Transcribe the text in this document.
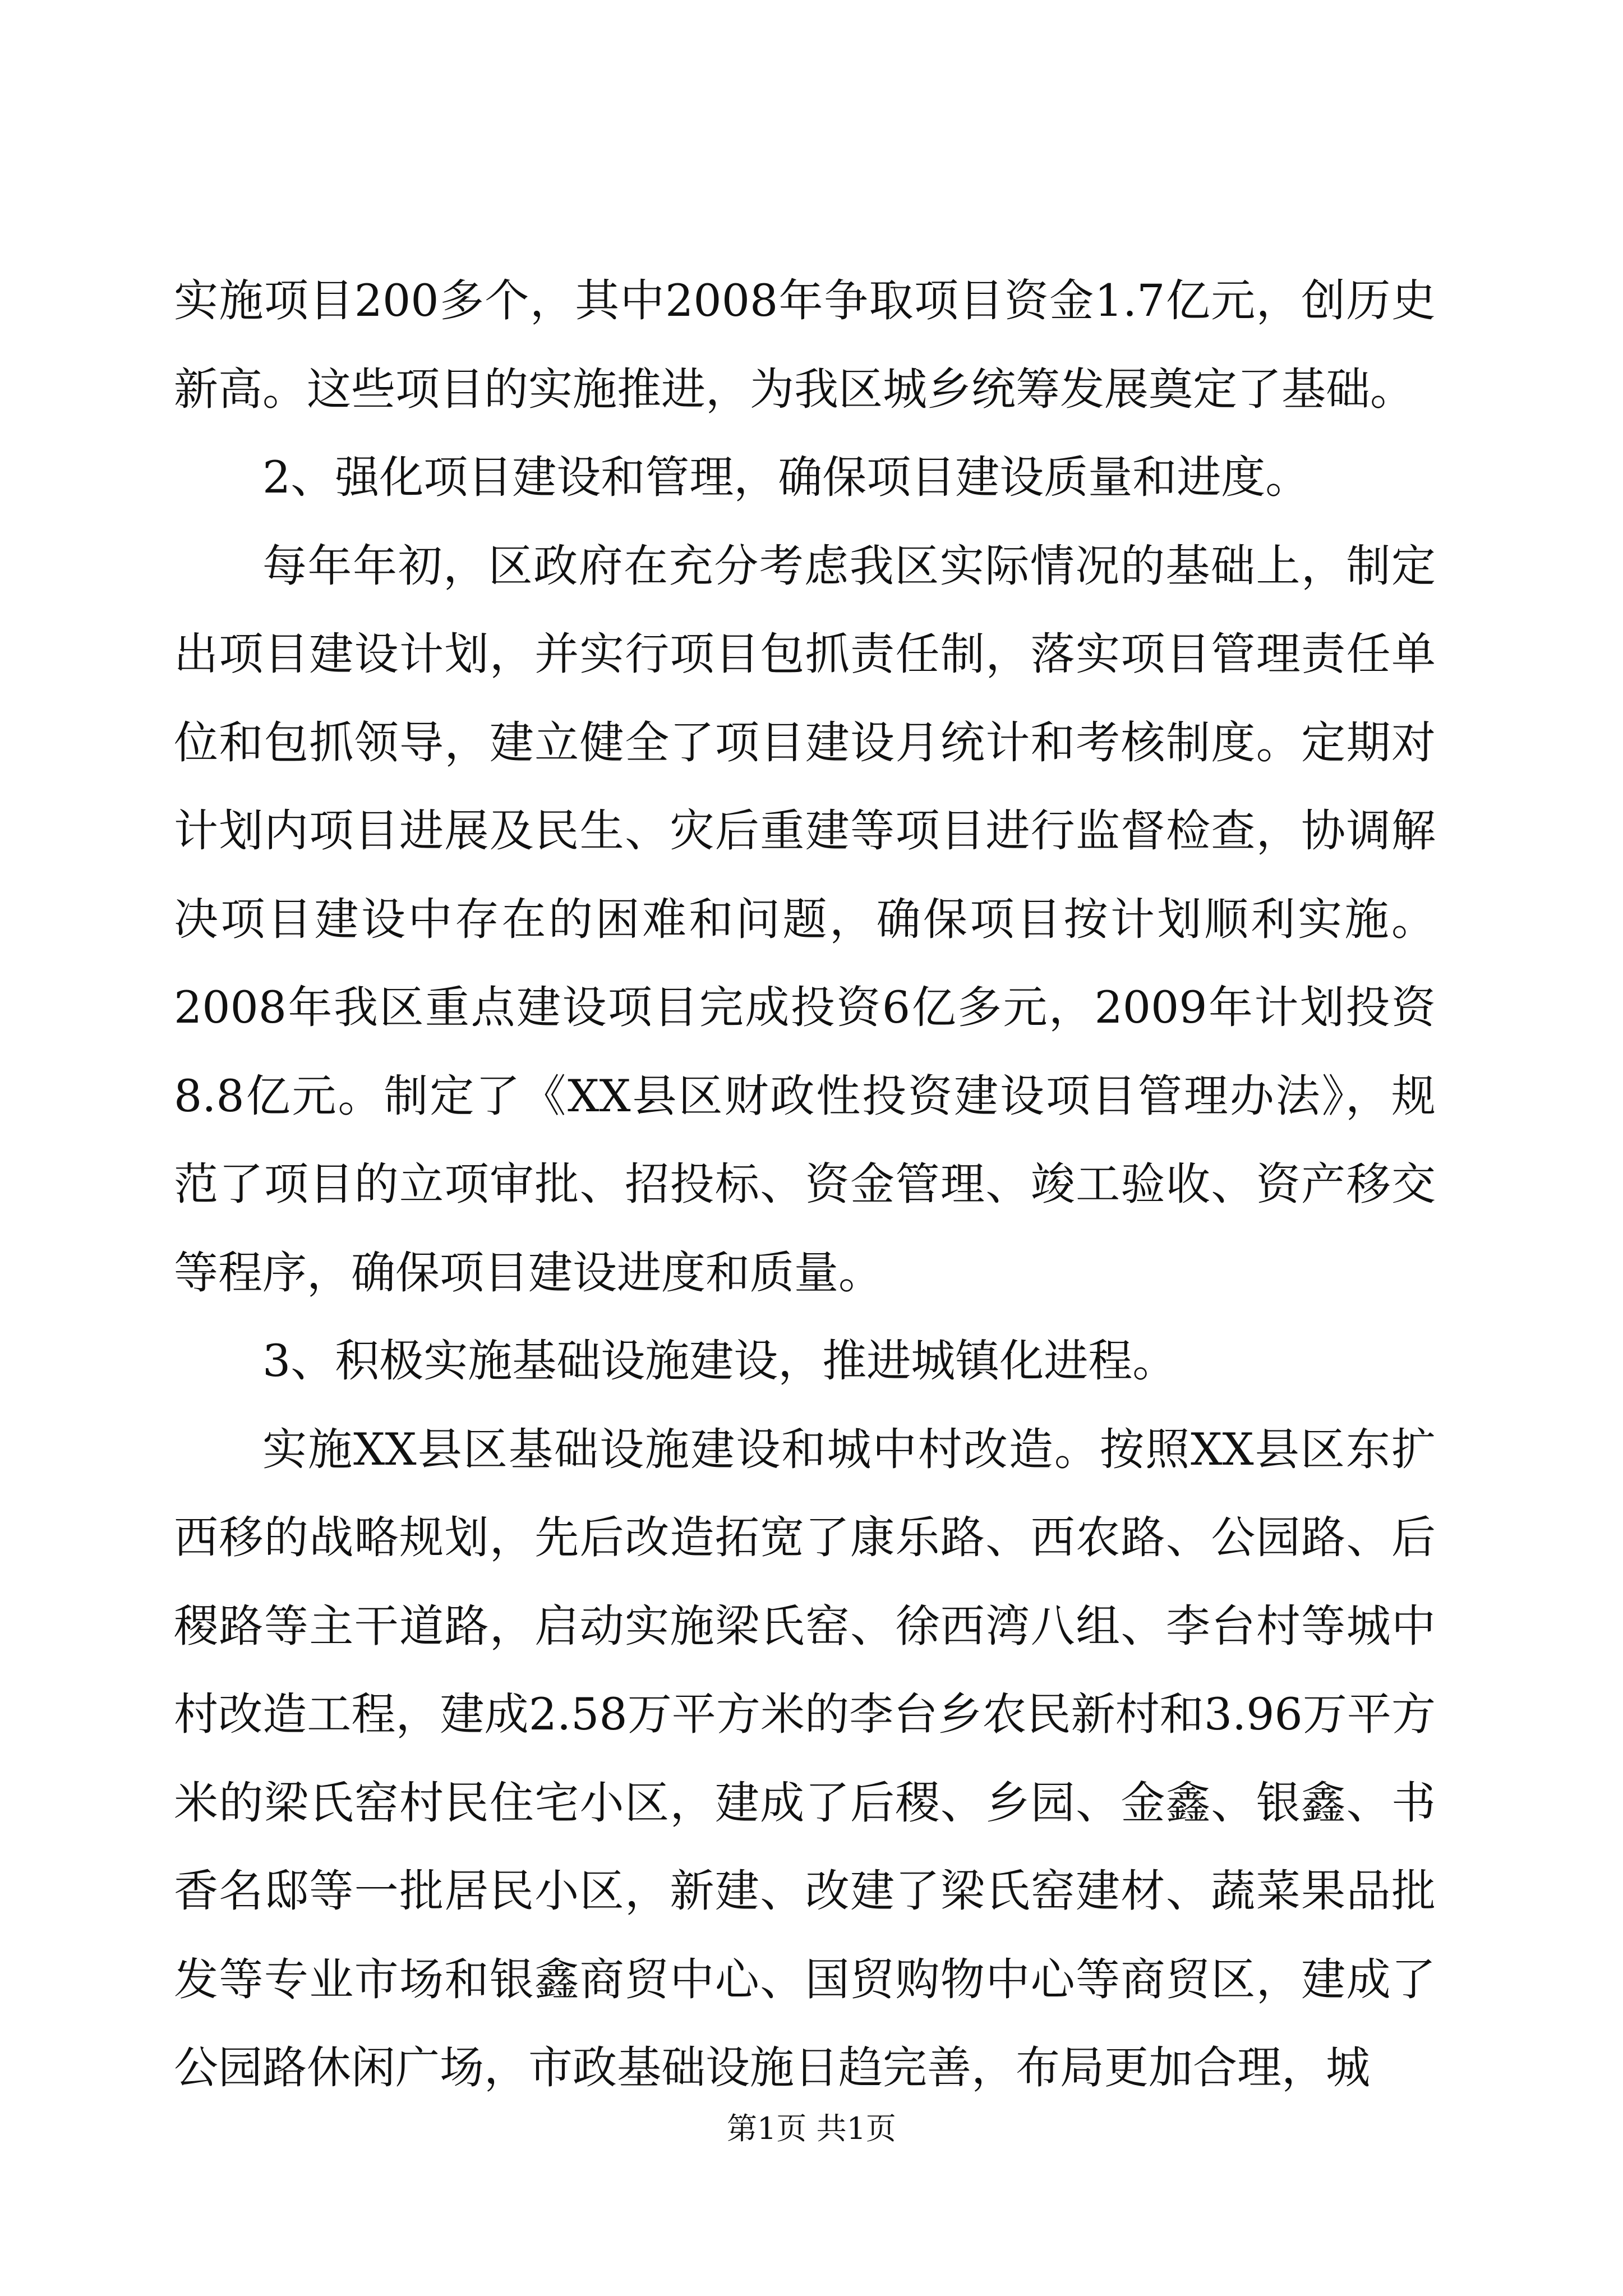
实施项目200多个，其中2008年争取项目资金1.7亿元，创历史新高。这些项目的实施推进，为我区城乡统筹发展奠定了基础。

2、强化项目建设和管理，确保项目建设质量和进度。

每年年初，区政府在充分考虑我区实际情况的基础上，制定出项目建设计划，并实行项目包抓责任制，落实项目管理责任单位和包抓领导，建立健全了项目建设月统计和考核制度。定期对计划内项目进展及民生、灾后重建等项目进行监督检查，协调解决项目建设中存在的困难和问题，确保项目按计划顺利实施。2008年我区重点建设项目完成投资6亿多元，2009年计划投资8.8亿元。制定了《XX县区财政性投资建设项目管理办法》，规范了项目的立项审批、招投标、资金管理、竣工验收、资产移交等程序，确保项目建设进度和质量。

3、积极实施基础设施建设，推进城镇化进程。

实施XX县区基础设施建设和城中村改造。按照XX县区东扩西移的战略规划，先后改造拓宽了康乐路、西农路、公园路、后稷路等主干道路，启动实施梁氏窑、徐西湾八组、李台村等城中村改造工程，建成2.58万平方米的李台乡农民新村和3.96万平方米的梁氏窑村民住宅小区，建成了后稷、乡园、金鑫、银鑫、书香名邸等一批居民小区，新建、改建了梁氏窑建材、蔬菜果品批发等专业市场和银鑫商贸中心、国贸购物中心等商贸区，建成了公园路休闲广场，市政基础设施日趋完善，布局更加合理，城

第1页 共1页
